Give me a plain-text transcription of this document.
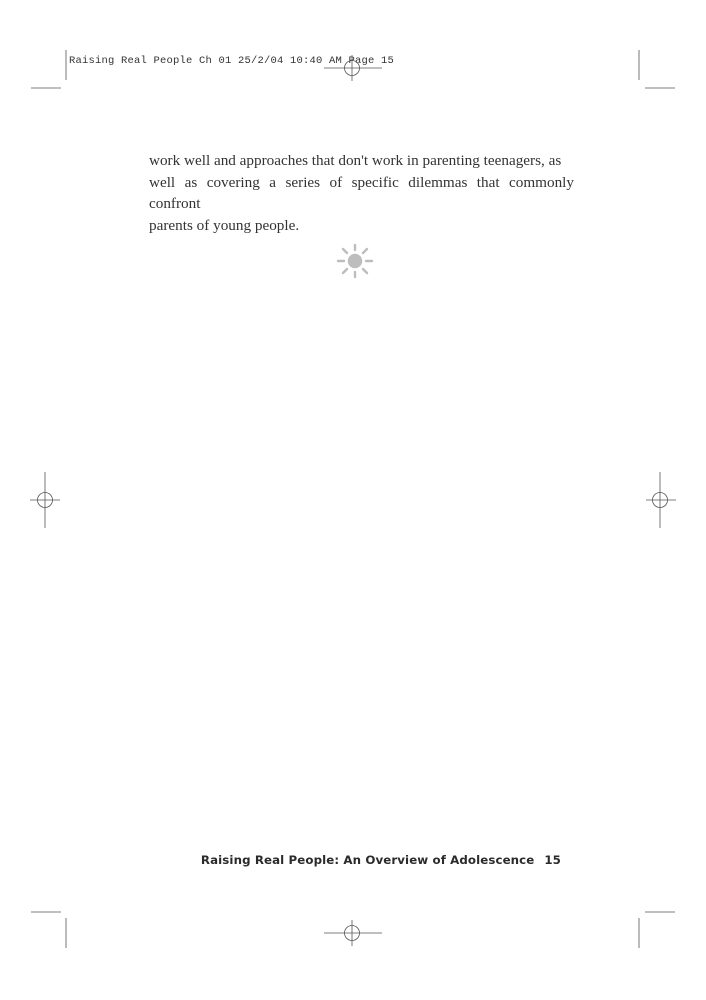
Raising Real People Ch 01 25/2/04 10:40 AM Page 15

work well and approaches that don't work in parenting teenagers, as
well as covering a series of specific dilemmas that commonly confront
parents of young people.

Raising Real People: An Overview of Adolescence 15
